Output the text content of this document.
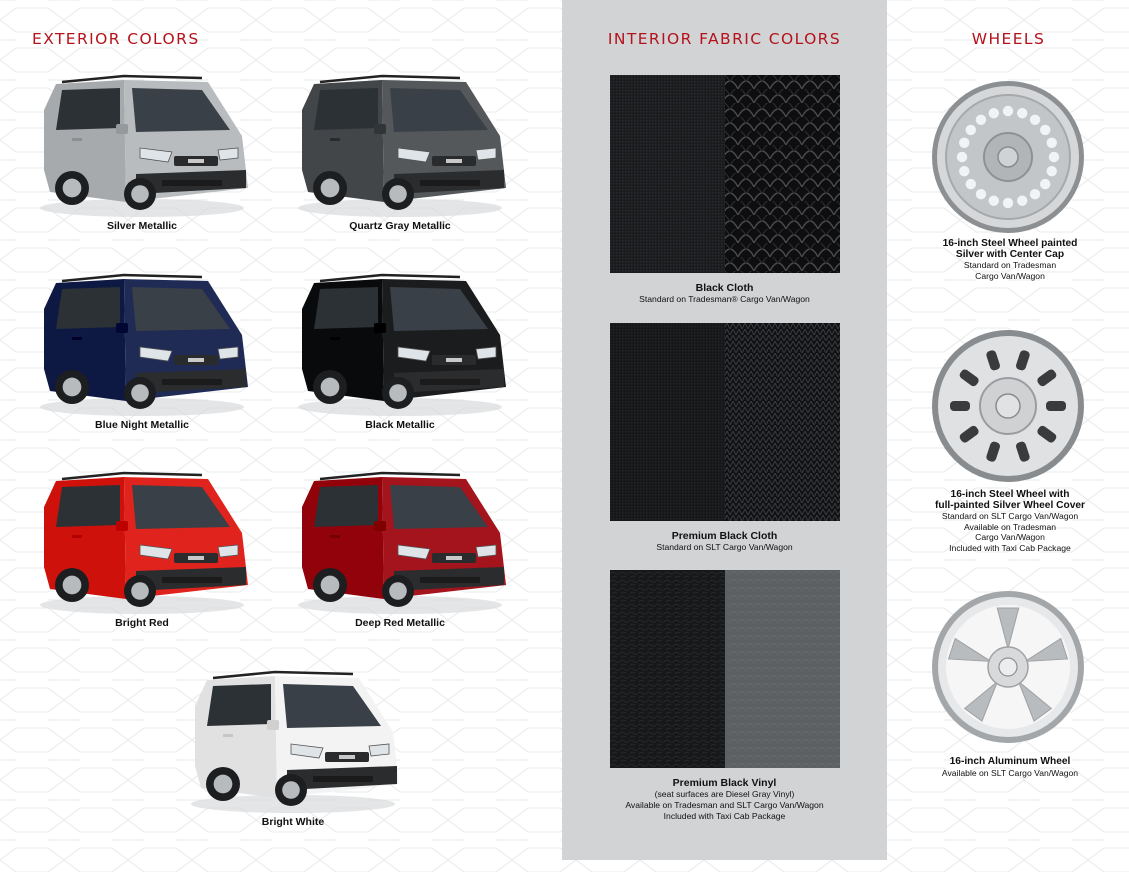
EXTERIOR COLORS	INTERIOR FABRIC COLORS	WHEELS
Silver Metallic	Quartz Gray Metallic
Blue Night Metallic	Black Metallic
Bright Red	Deep Red Metallic
Bright White
Black Cloth
Standard on Tradesman® Cargo Van/Wagon
Premium Black Cloth
Standard on SLT Cargo Van/Wagon
Premium Black Vinyl
(seat surfaces are Diesel Gray Vinyl)
Available on Tradesman and SLT Cargo Van/Wagon
Included with Taxi Cab Package
16-inch Steel Wheel painted
Silver with Center Cap
Standard on Tradesman
Cargo Van/Wagon
16-inch Steel Wheel with
full-painted Silver Wheel Cover
Standard on SLT Cargo Van/Wagon
Available on Tradesman
Cargo Van/Wagon
Included with Taxi Cab Package
16-inch Aluminum Wheel
Available on SLT Cargo Van/Wagon
